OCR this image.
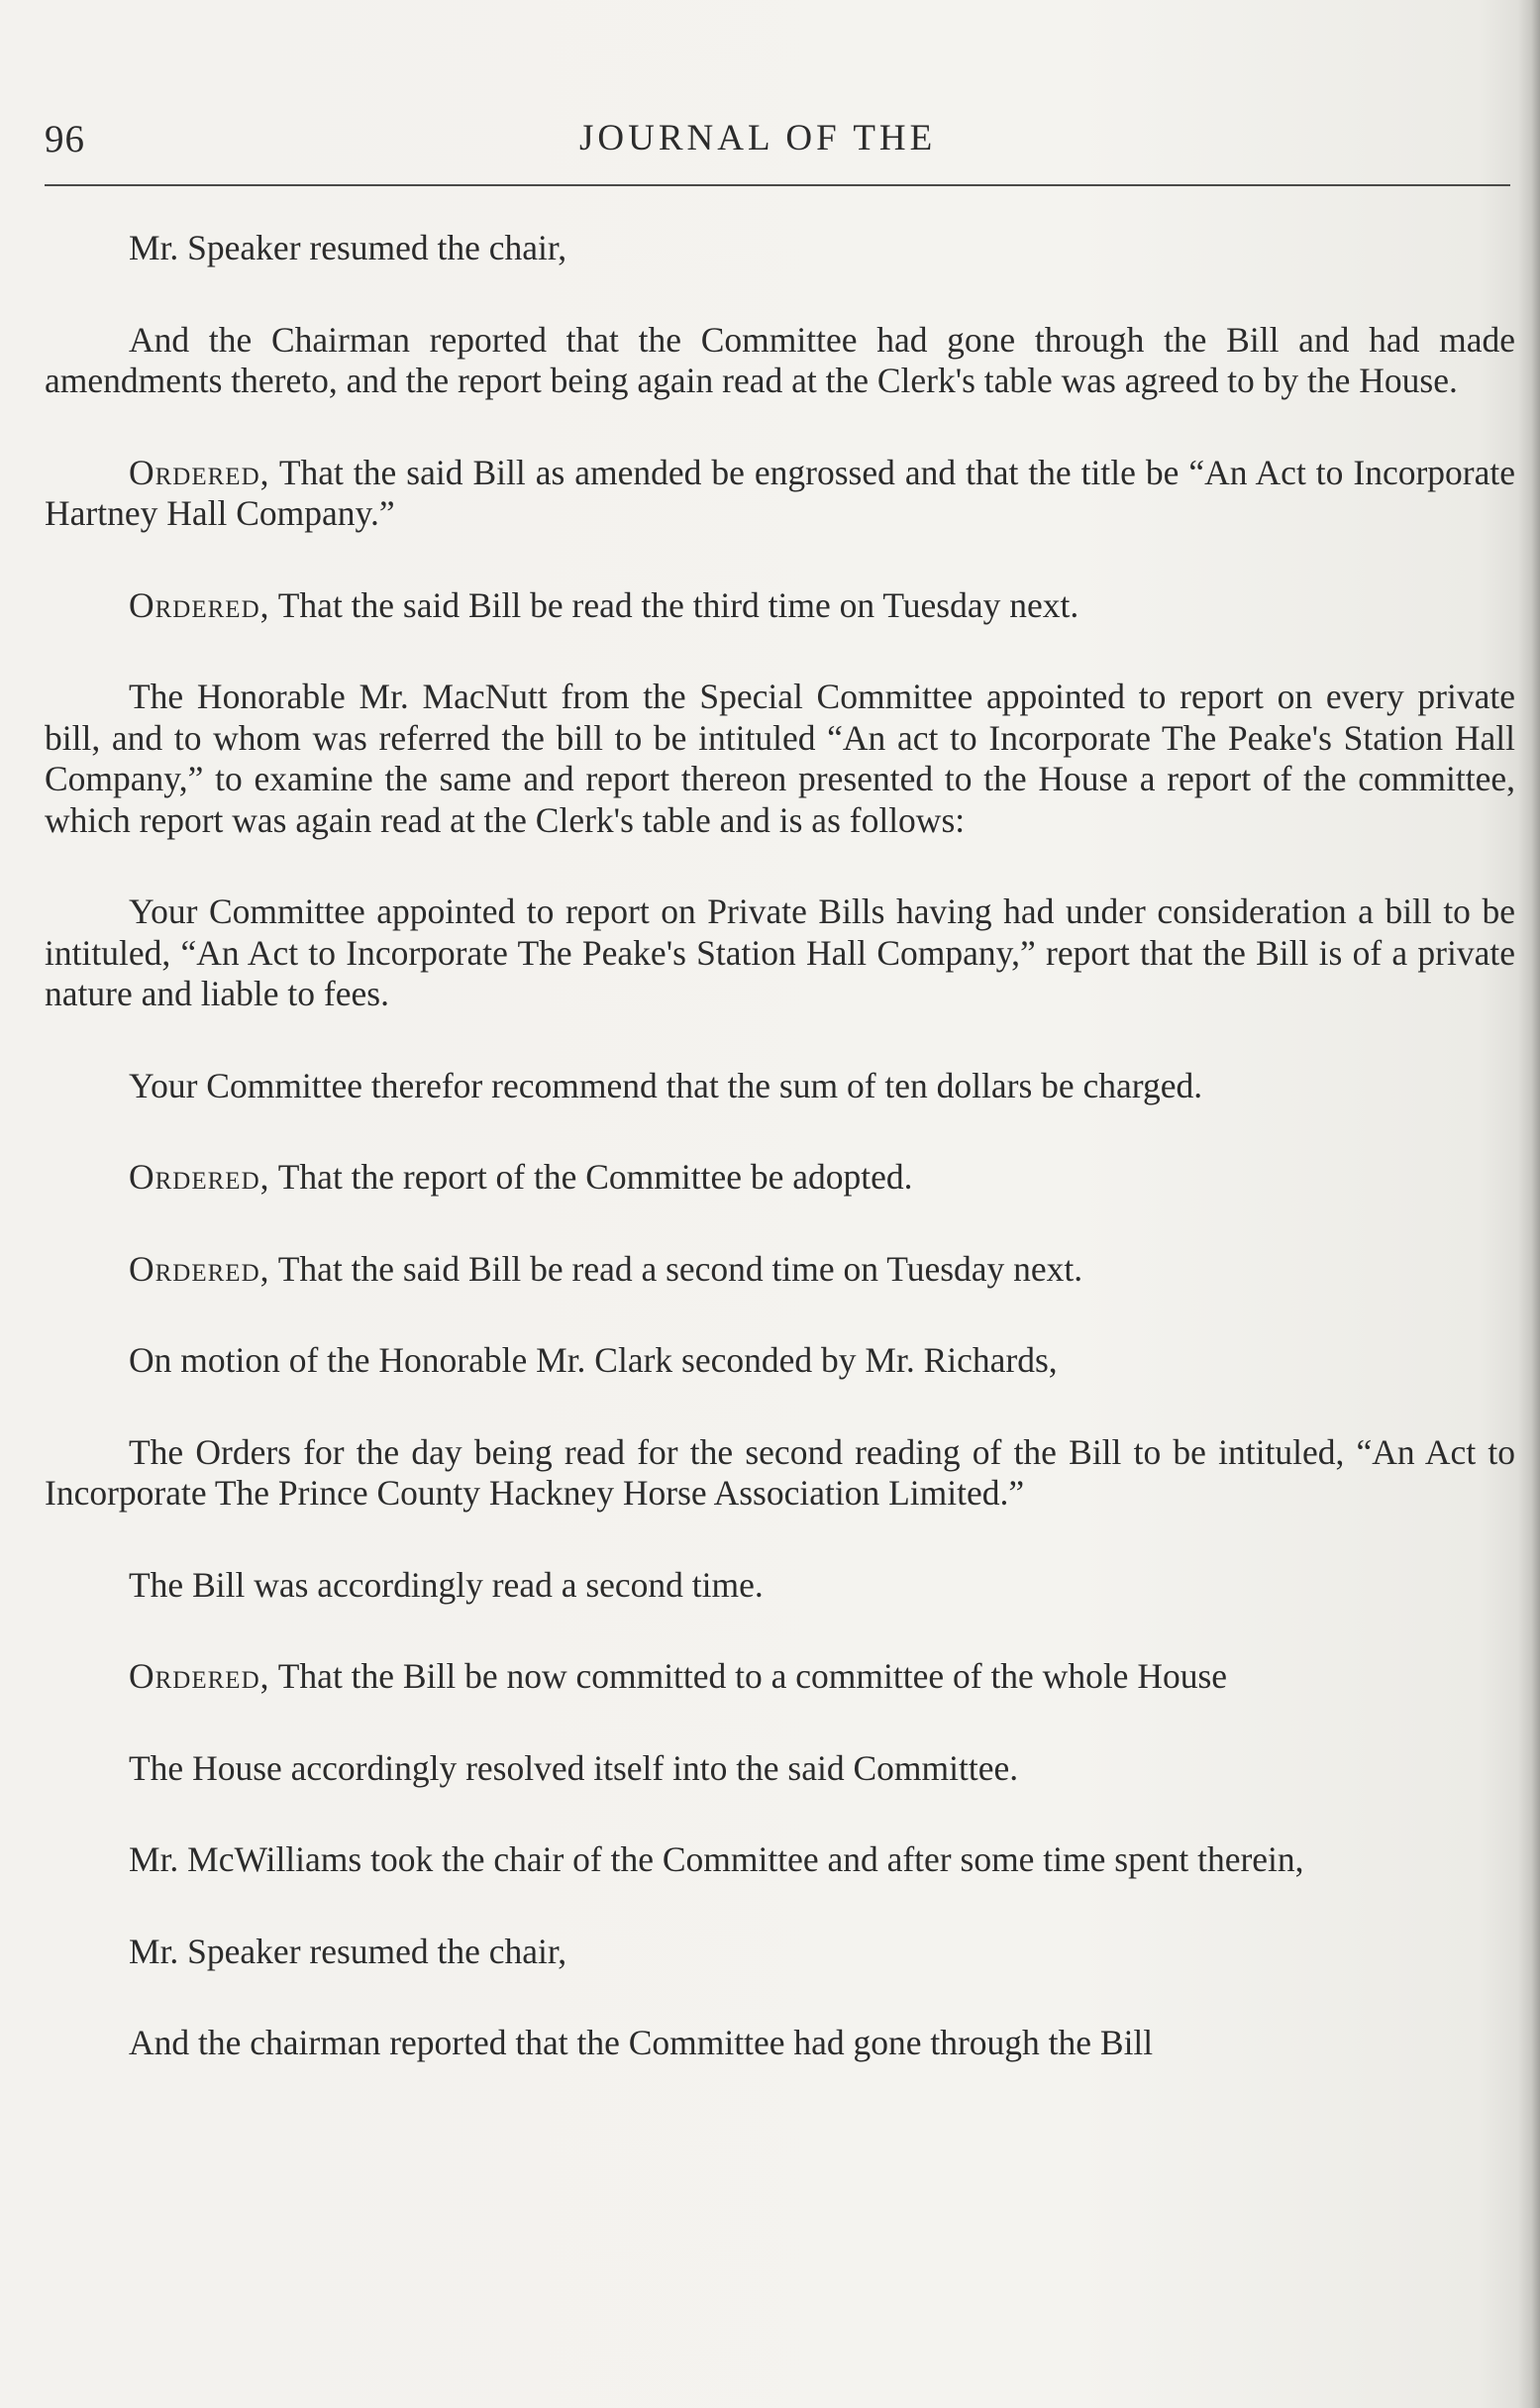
96	JOURNAL OF THE

Mr. Speaker resumed the chair,

And the Chairman reported that the Committee had gone through the Bill and had made amendments thereto, and the report being again read at the Clerk's table was agreed to by the House.

Ordered, That the said Bill as amended be engrossed and that the title be “An Act to Incorporate Hartney Hall Company.”

Ordered, That the said Bill be read the third time on Tuesday next.

The Honorable Mr. MacNutt from the Special Committee appointed to report on every private bill, and to whom was referred the bill to be intituled “An act to Incorporate The Peake's Station Hall Company,” to examine the same and report thereon presented to the House a report of the committee, which report was again read at the Clerk's table and is as follows:

Your Committee appointed to report on Private Bills having had under consideration a bill to be intituled, “An Act to Incorporate The Peake's Station Hall Company,” report that the Bill is of a private nature and liable to fees.

Your Committee therefor recommend that the sum of ten dollars be charged.

Ordered, That the report of the Committee be adopted.

Ordered, That the said Bill be read a second time on Tuesday next.

On motion of the Honorable Mr. Clark seconded by Mr. Richards,

The Orders for the day being read for the second reading of the Bill to be intituled, “An Act to Incorporate The Prince County Hackney Horse Association Limited.”

The Bill was accordingly read a second time.

Ordered, That the Bill be now committed to a committee of the whole House

The House accordingly resolved itself into the said Committee.

Mr. McWilliams took the chair of the Committee and after some time spent therein,

Mr. Speaker resumed the chair,

And the chairman reported that the Committee had gone through the Bill
